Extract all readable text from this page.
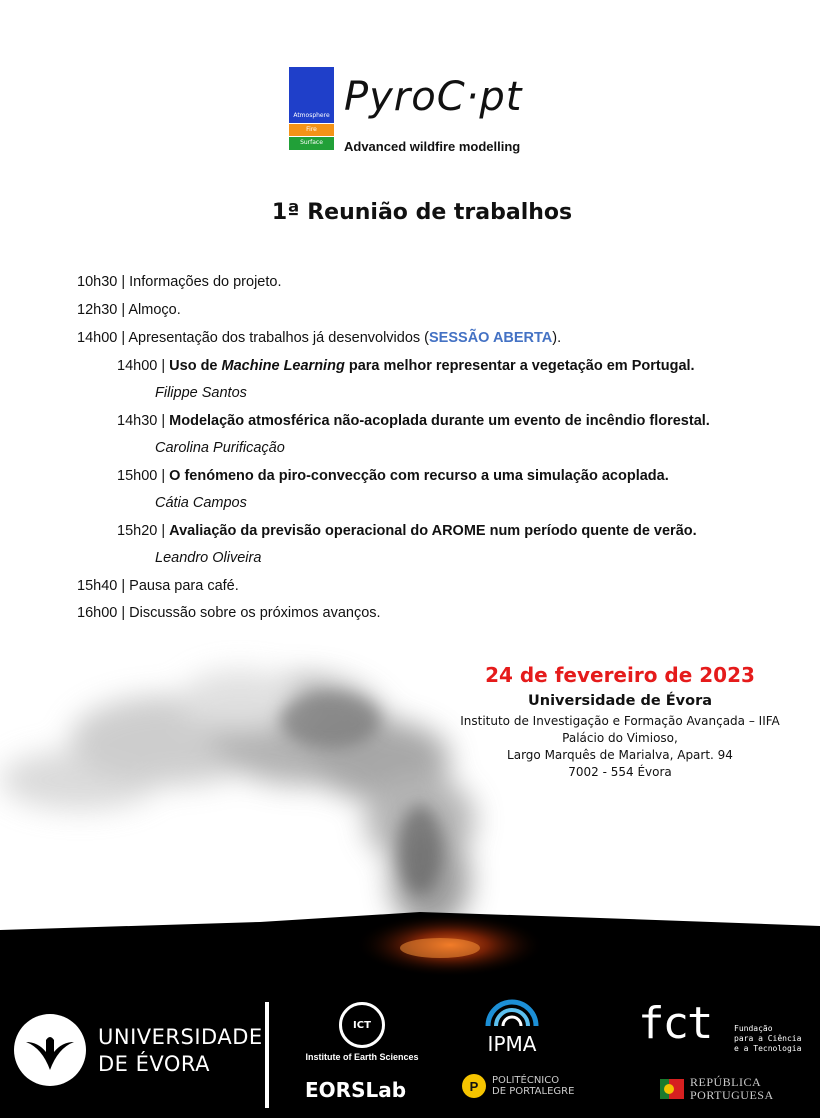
Atmosphere
Fire
Surface
PyroC·pt
Advanced wildfire modelling
1ª Reunião de trabalhos
10h30 | Informações do projeto.
12h30 | Almoço.
14h00 | Apresentação dos trabalhos já desenvolvidos (SESSÃO ABERTA).
14h00 | Uso de Machine Learning para melhor representar a vegetação em Portugal.
Filippe Santos
14h30 | Modelação atmosférica não-acoplada durante um evento de incêndio florestal.
Carolina Purificação
15h00 | O fenómeno da piro-convecção com recurso a uma simulação acoplada.
Cátia Campos
15h20 | Avaliação da previsão operacional do AROME num período quente de verão.
Leandro Oliveira
15h40 | Pausa para café.
16h00 | Discussão sobre os próximos avanços.
24 de fevereiro de 2023
Universidade de Évora
Instituto de Investigação e Formação Avançada – IIFA
Palácio do Vimioso,
Largo Marquês de Marialva, Apart. 94
7002 - 554 Évora
UNIVERSIDADE
DE ÉVORA
ICT
Institute of Earth Sciences
EORSLab
IPMA
P	POLITÉCNICO
DE PORTALEGRE
fct	Fundação
para a Ciência
e a Tecnologia
REPÚBLICA
PORTUGUESA
